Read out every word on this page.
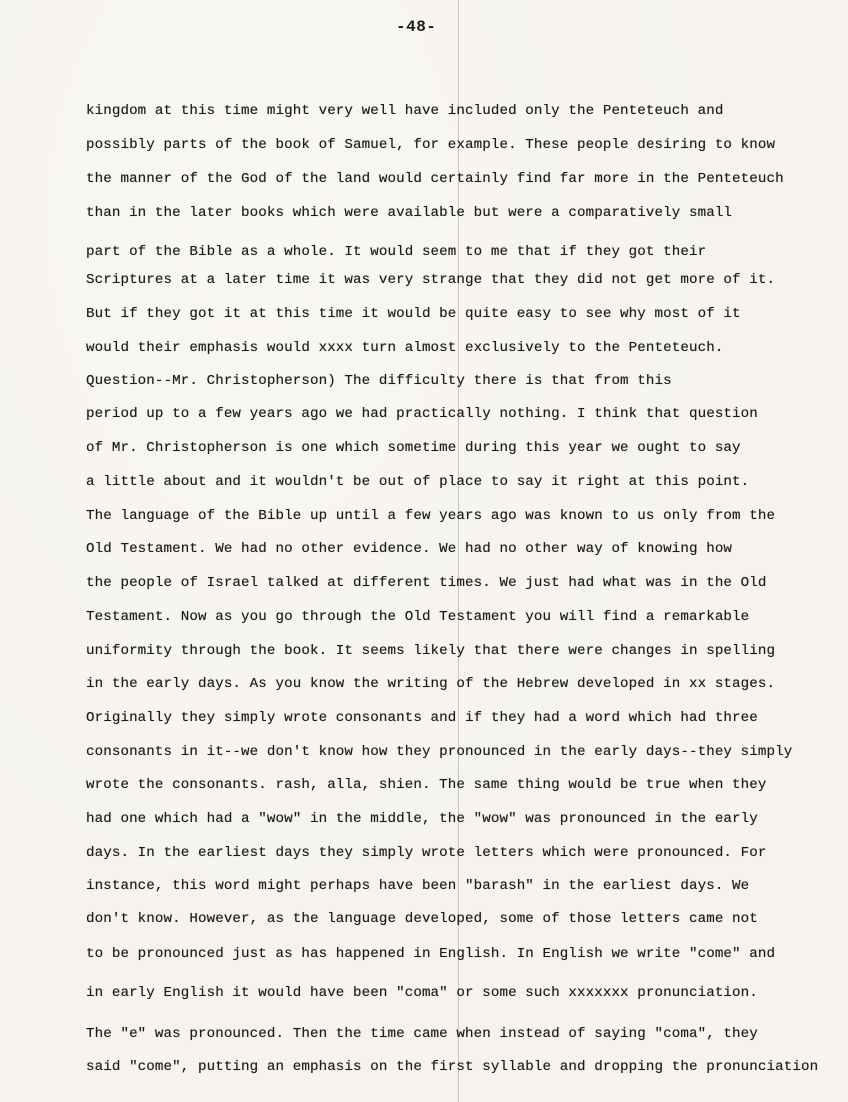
-48-
kingdom at this time might very well have included only the Penteteuch and
possibly parts of the book of Samuel, for example. These people desiring to know
the manner of the God of the land would certainly find far more in the Penteteuch
than in the later books which were available but were a comparatively small
part of the Bible as a whole. It would seem to me that if they got their
Scriptures at a later time it was very strange that they did not get more of it.
But if they got it at this time it would be quite easy to see why most of it
would their emphasis would xxxx turn almost exclusively to the Penteteuch.
Question--Mr. Christopherson) The difficulty there is that from this
period up to a few years ago we had practically nothing. I think that question
of Mr. Christopherson is one which sometime during this year we ought to say
a little about and it wouldn't be out of place to say it right at this point.
The language of the Bible up until a few years ago was known to us only from the
Old Testament. We had no other evidence. We had no other way of knowing how
the people of Israel talked at different times. We just had what was in the Old
Testament. Now as you go through the Old Testament you will find a remarkable
uniformity through the book. It seems likely that there were changes in spelling
in the early days. As you know the writing of the Hebrew developed in xx stages.
Originally they simply wrote consonants and if they had a word which had three
consonants in it--we don't know how they pronounced in the early days--they simply
wrote the consonants. rash, alla, shien. The same thing would be true when they
had one which had a "wow" in the middle, the "wow" was pronounced in the early
days. In the earliest days they simply wrote letters which were pronounced. For
instance, this word might perhaps have been "barash" in the earliest days. We
don't know. However, as the language developed, some of those letters came not
to be pronounced just as has happened in English. In English we write "come" and
in early English it would have been "coma" or some such xxxxxxx pronunciation.
The "e" was pronounced. Then the time came when instead of saying "coma", they
said "come", putting an emphasis on the first syllable and dropping the pronunciation
